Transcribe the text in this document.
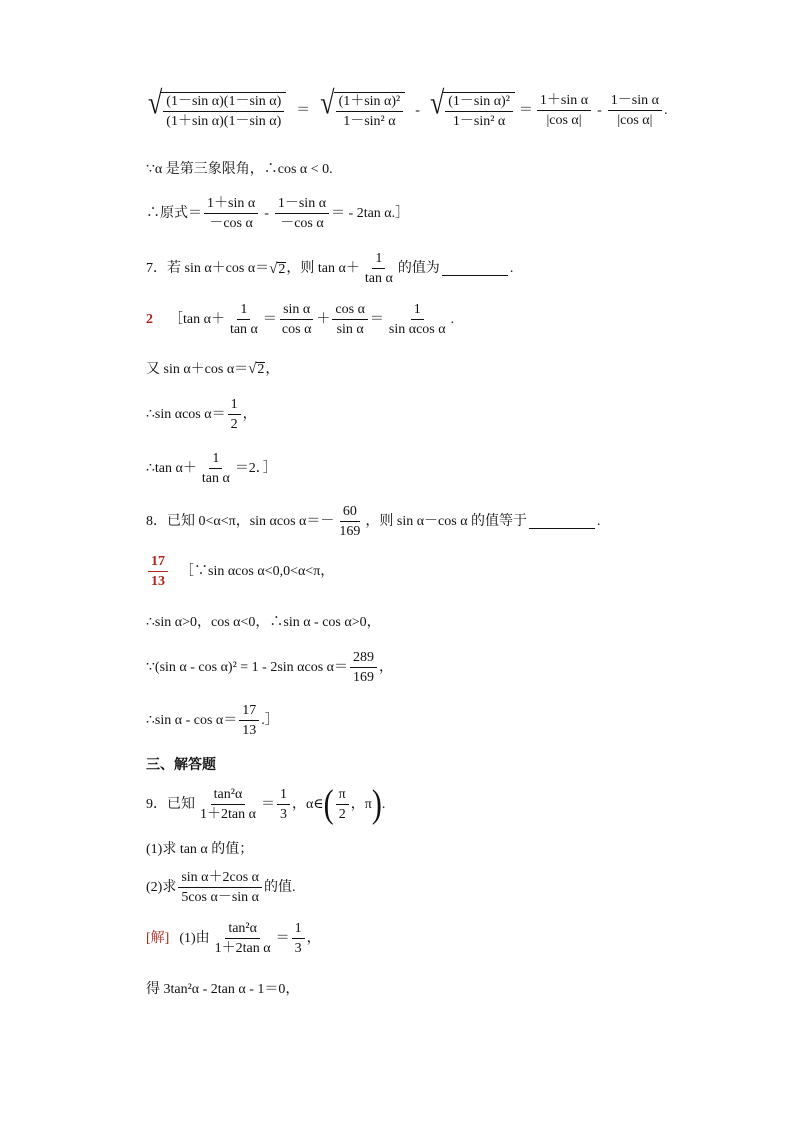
√ $\frac{\text{(1－sin α)(1－sin α)}}{\text{(1＋sin α)(1－sin α)}}$ ＝ √ $\frac{\text{(1＋sin α)²}}{\text{1－sin² α}}$ - √ $\frac{\text{(1－sin α)²}}{\text{1－sin² α}} = \frac{\text{1＋sin α}}{\text{|cos α|}} - \frac{\text{1－sin α}}{\text{|cos α|}}$ .
∵α 是第三象限角，∴cos α < 0.
∴原式＝ $\frac{\text{1＋sin α}}{\text{－cos α}} - \frac{\text{1－sin α}}{\text{－cos α}}$ ＝ - 2tan α.］
7．若 sin α＋cos α＝ √ 2 ，则 $\tan \alpha+ \frac{1}{\text{tan α}}$ 的值为	.
2 ［tan $\alpha+ \frac{1}{\text{tan α}} = \frac{\text{sin α}}{\text{cos α}} + \frac{\text{cos α}}{\text{sin α}} = \frac{1}{\text{sin αcos α}}$ .
又 sin α＋cos α＝ √ 2 ，
∴sin αcos $\alpha= \frac{1}{2}$ ，
∴tan $\alpha+ \frac{1}{\text{tan α}} =2$．］
8．已知 0<α<π，sin αcos $\alpha=- \frac{60}{169}$ ，则 sin α－cos α 的值等于	.
$\frac{17}{13}$ ［∵sin αcos α<0,0<α<π，
∴sin α>0，cos α<0，∴sin α - cos α>0，
∵(sin α - cos α)² = 1 - 2sin αcos $\alpha= \frac{289}{169}$ ，
∴sin $\alpha - \cos \alpha= \frac{17}{13}$ .］
三、解答题
9．已知 $\frac{\text{tan²α}}{\text{1＋2tan α}} = \frac{1}{3}$ ，α∈ ( $\frac{\pi}{2}$ ，π ) .
(1)求 tan α 的值；
(2)求 $\frac{\text{sin α＋2cos α}}{\text{5cos α－sin α}}$ 的值.
[解] (1)由 $\frac{\text{tan²α}}{\text{1＋2tan α}} = \frac{1}{3}$ ，
得 3tan²α - 2tan α - 1＝0，
